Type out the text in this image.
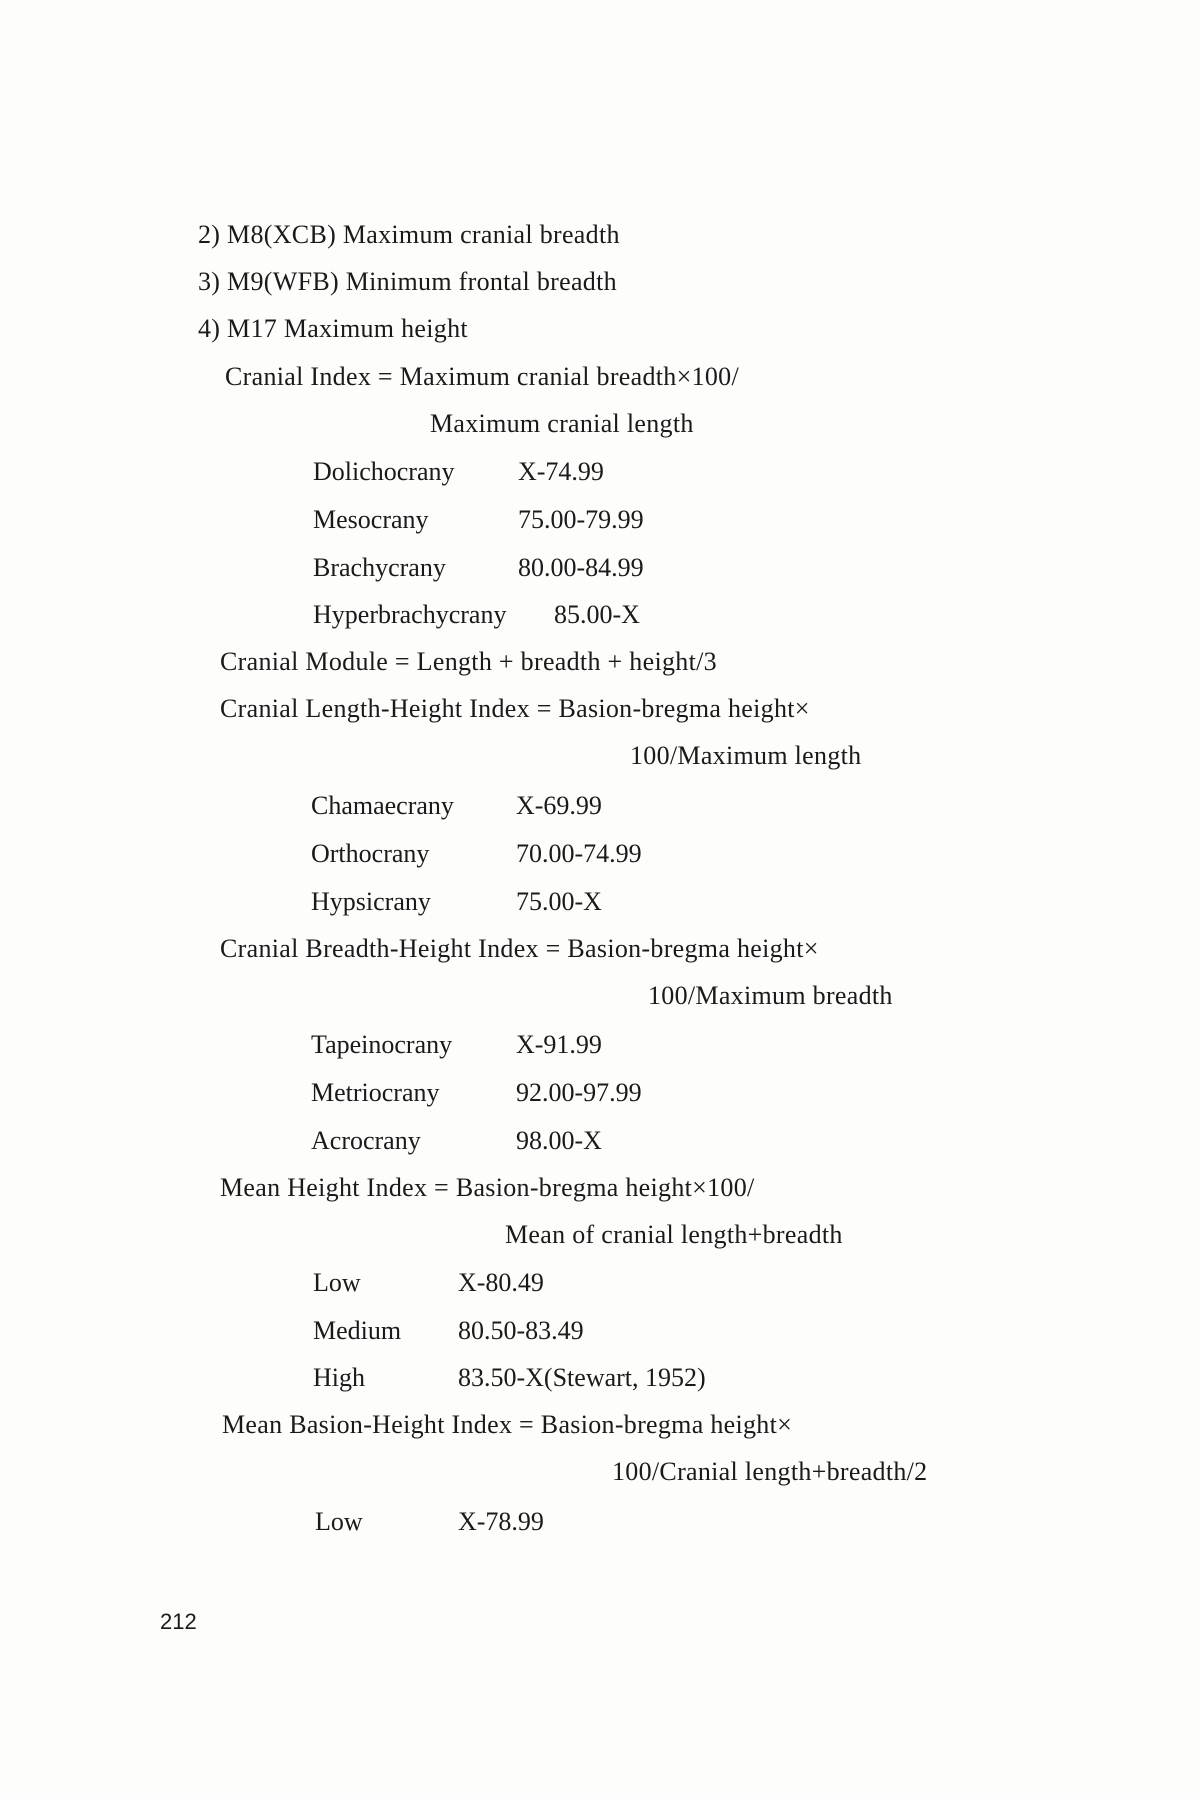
2) M8(XCB) Maximum cranial breadth
3) M9(WFB) Minimum frontal breadth
4) M17 Maximum height
Cranial Index = Maximum cranial breadth×100/
Maximum cranial length
Dolichocrany X-74.99
Mesocrany	75.00-79.99
Brachycrany	80.00-84.99
Hyperbrachycrany 85.00-X
Cranial Module = Length + breadth + height/3
Cranial Length-Height Index = Basion-bregma height×
100/Maximum length
Chamaecrany X-69.99
Orthocrany	70.00-74.99
Hypsicrany	75.00-X
Cranial Breadth-Height Index = Basion-bregma height×
100/Maximum breadth
Tapeinocrany X-91.99
Metriocrany	92.00-97.99
Acrocrany	98.00-X
Mean Height Index = Basion-bregma height×100/
Mean of cranial length+breadth
Low	X-80.49
Medium 80.50-83.49
High	83.50-X(Stewart, 1952)
Mean Basion-Height Index = Basion-bregma height×
100/Cranial length+breadth/2
Low	X-78.99
212
